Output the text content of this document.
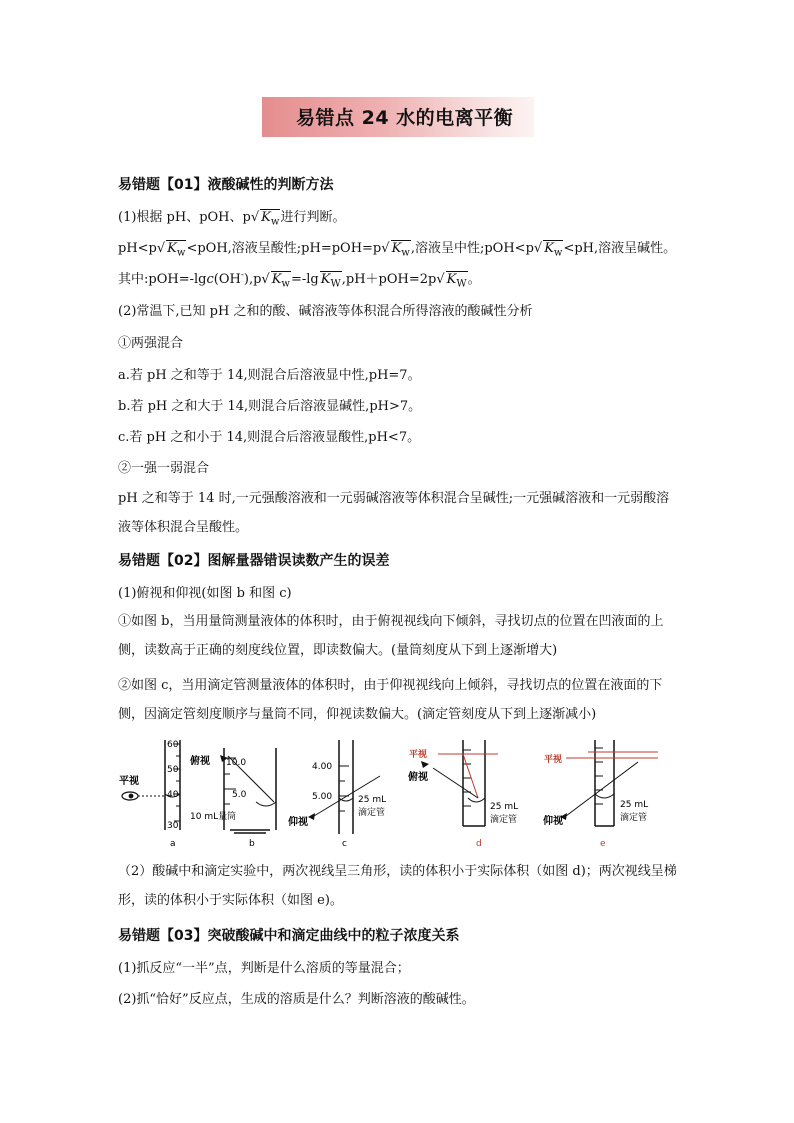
易错点 24 水的电离平衡
易错题【01】液酸碱性的判断方法
(1)根据 pH、pOH、p√ $K_w$进行判断。
pH<p√ $K_w<pOH$,溶液呈酸性;pH=pOH=p√ $K_w$,溶液呈中性;pOH<p√ $K_w<pH$,溶液呈碱性。
其中:pOH=-lgc(OH-),p√ $K_w=-\lg$ $K_W,pH+pOH=2p√$ $K_W$。
(2)常温下,已知 pH 之和的酸、碱溶液等体积混合所得溶液的酸碱性分析
①两强混合
a.若 pH 之和等于 14,则混合后溶液显中性,pH=7。
b.若 pH 之和大于 14,则混合后溶液显碱性,pH>7。
c.若 pH 之和小于 14,则混合后溶液显酸性,pH<7。
②一强一弱混合
pH 之和等于 14 时,一元强酸溶液和一元弱碱溶液等体积混合呈碱性;一元强碱溶液和一元弱酸溶液等体积混合呈酸性。
易错题【02】图解量器错误读数产生的误差
(1)俯视和仰视(如图 b 和图 c)
①如图 b，当用量筒测量液体的体积时，由于俯视视线向下倾斜，寻找切点的位置在凹液面的上侧，读数高于正确的刻度线位置，即读数偏大。(量筒刻度从下到上逐渐增大)
②如图 c，当用滴定管测量液体的体积时，由于仰视视线向上倾斜，寻找切点的位置在液面的下侧，因滴定管刻度顺序与量筒不同，仰视读数偏大。(滴定管刻度从下到上逐渐减小)
60
50
40
30
平视
a
10.0
5.0
俯视
10 mL量筒
b
4.00
5.00
仰视
25 mL
滴定管
c
平视
俯视
25 mL
滴定管
d
平视
仰视
25 mL
滴定管
e
（2）酸碱中和滴定实验中，两次视线呈三角形，读的体积小于实际体积（如图 d)；两次视线呈梯形，读的体积小于实际体积（如图 e)。
易错题【03】突破酸碱中和滴定曲线中的粒子浓度关系
(1)抓反应“一半”点，判断是什么溶质的等量混合；
(2)抓“恰好”反应点，生成的溶质是什么？判断溶液的酸碱性。
